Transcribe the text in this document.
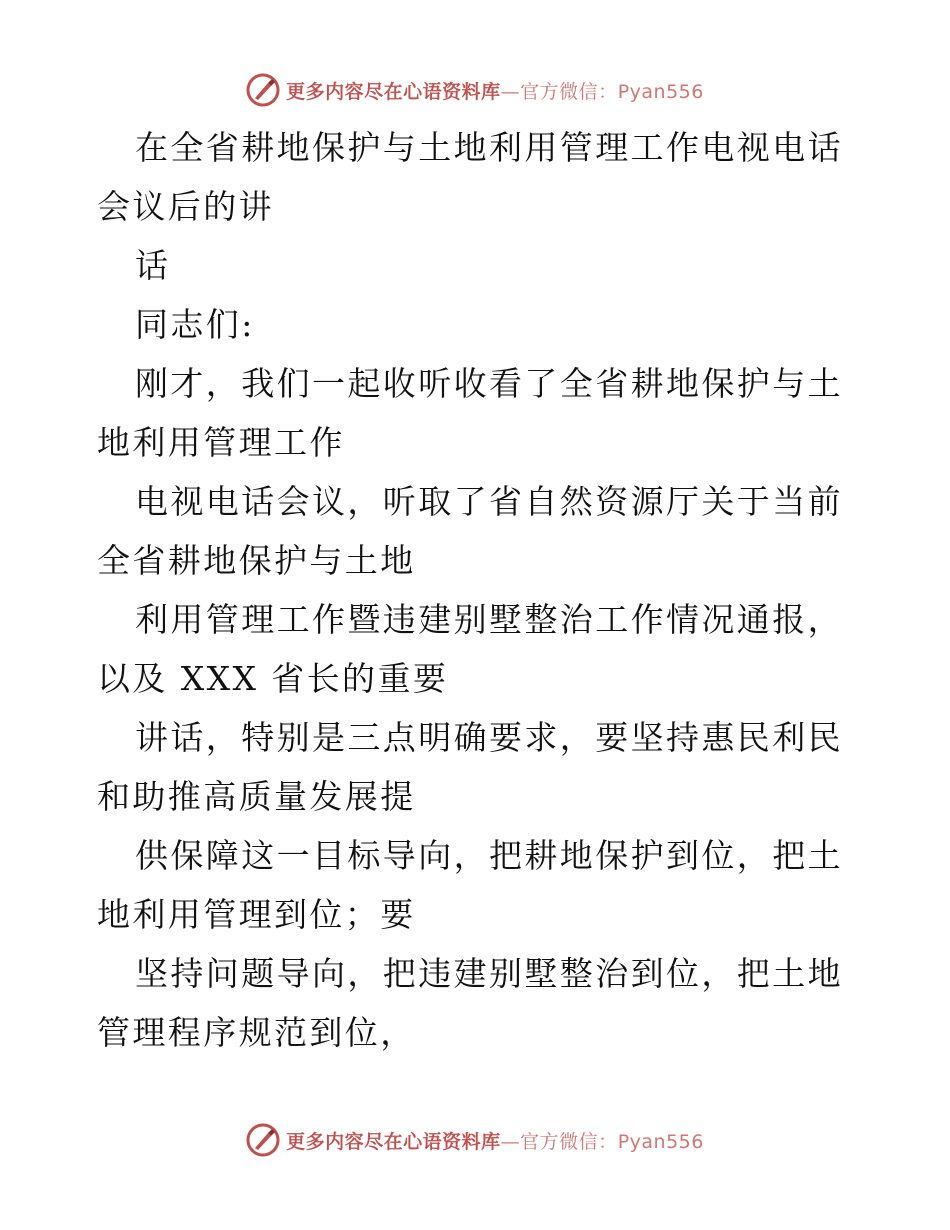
更多内容尽在心语资料库—官方微信：Pyan556

在全省耕地保护与土地利用管理工作电视电话会议后的讲

话

同志们:

刚才，我们一起收听收看了全省耕地保护与土地利用管理工作

电视电话会议，听取了省自然资源厅关于当前全省耕地保护与土地

利用管理工作暨违建别墅整治工作情况通报，以及 XXX 省长的重要

讲话，特别是三点明确要求，要坚持惠民利民和助推高质量发展提

供保障这一目标导向，把耕地保护到位，把土地利用管理到位；要

坚持问题导向，把违建别墅整治到位，把土地管理程序规范到位，

更多内容尽在心语资料库—官方微信：Pyan556
